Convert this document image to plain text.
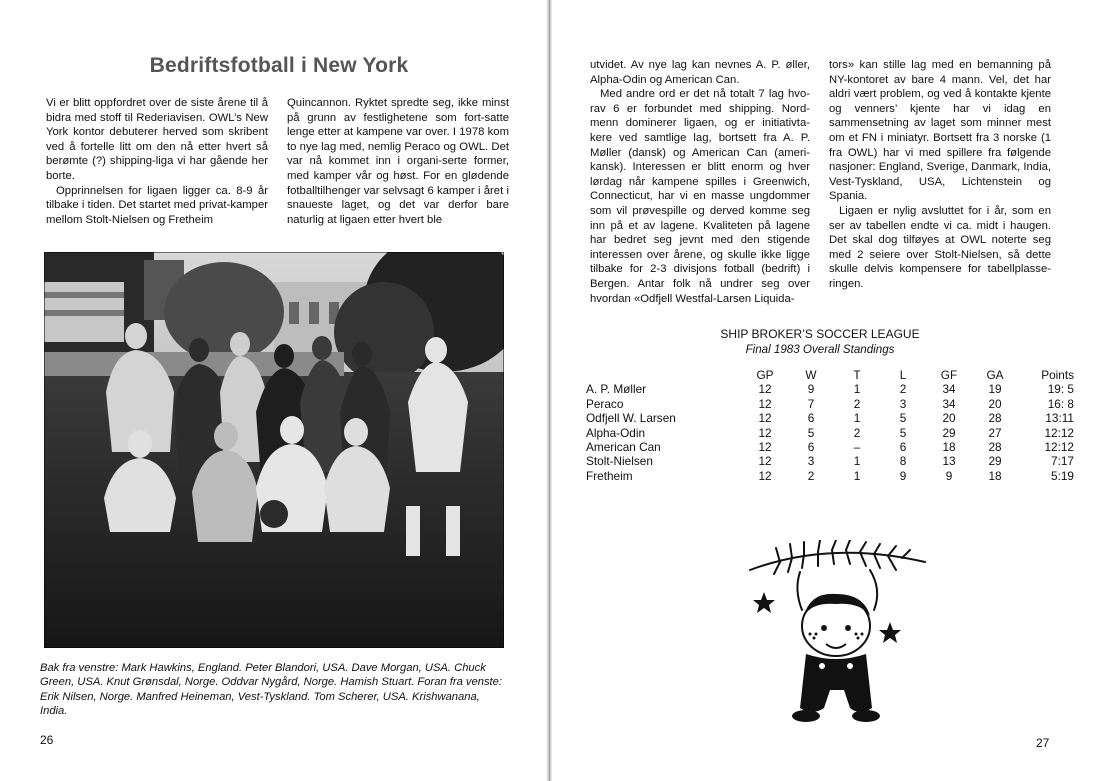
Bedriftsfotball i New York

Vi er blitt oppfordret over de siste årene til å bidra med stoff til Rederiavisen. OWL’s New York kontor debuterer herved som skribent ved å fortelle litt om den nå etter hvert så berømte (?) shipping-liga vi har gående her borte.

Opprinnelsen for ligaen ligger ca. 8-9 år tilbake i tiden. Det startet med privat-kamper mellom Stolt-Nielsen og Fretheim

Quincannon. Ryktet spredte seg, ikke minst på grunn av festlighetene som fort-satte lenge etter at kampene var over. I 1978 kom to nye lag med, nemlig Peraco og OWL. Det var nå kommet inn i organi-serte former, med kamper vår og høst. For en glødende fotballtilhenger var selvsagt 6 kamper i året i snaueste laget, og det var derfor bare naturlig at ligaen etter hvert ble

Bak fra venstre: Mark Hawkins, England. Peter Blandori, USA. Dave Morgan, USA. Chuck Green, USA. Knut Grønsdal, Norge. Oddvar Nygård, Norge. Hamish Stuart. Foran fra venste: Erik Nilsen, Norge. Manfred Heineman, Vest-Tyskland. Tom Scherer, USA. Krishwanana, India.
26

utvidet. Av nye lag kan nevnes A. P. øller, Alpha-Odin og American Can.

Med andre ord er det nå totalt 7 lag hvo-rav 6 er forbundet med shipping. Nord-menn dominerer ligaen, og er initiativta-kere ved samtlige lag, bortsett fra A. P. Møller (dansk) og American Can (ameri-kansk). Interessen er blitt enorm og hver lørdag når kampene spilles i Greenwich, Connecticut, har vi en masse ungdommer som vil prøvespille og derved komme seg inn på et av lagene. Kvaliteten på lagene har bedret seg jevnt med den stigende interessen over årene, og skulle ikke ligge tilbake for 2-3 divisjons fotball (bedrift) i Bergen. Antar folk nå undrer seg over hvordan «Odfjell Westfal-Larsen Liquida-

tors» kan stille lag med en bemanning på NY-kontoret av bare 4 mann. Vel, det har aldri vært problem, og ved å kontakte kjente og venners’ kjente har vi idag en sammensetning av laget som minner mest om et FN i miniatyr. Bortsett fra 3 norske (1 fra OWL) har vi med spillere fra følgende nasjoner: England, Sverige, Danmark, India, Vest-Tyskland, USA, Lichtenstein og Spania.

Ligaen er nylig avsluttet for i år, som en ser av tabellen endte vi ca. midt i haugen. Det skal dog tilføyes at OWL noterte seg med 2 seiere over Stolt-Nielsen, så dette skulle delvis kompensere for tabellplasse-ringen.

SHIP BROKER’S SOCCER LEAGUE
Final 1983 Overall Standings
	GP	W	T	L	GF	GA	Points
A. P. Møller	12	9	1	2	34	19	19: 5
Peraco	12	7	2	3	34	20	16: 8
Odfjell W. Larsen	12	6	1	5	20	28	13:11
Alpha-Odin	12	5	2	5	29	27	12:12
American Can	12	6	–	6	18	28	12:12
Stolt-Nielsen	12	3	1	8	13	29	7:17
Fretheim	12	2	1	9	9	18	5:19
27
